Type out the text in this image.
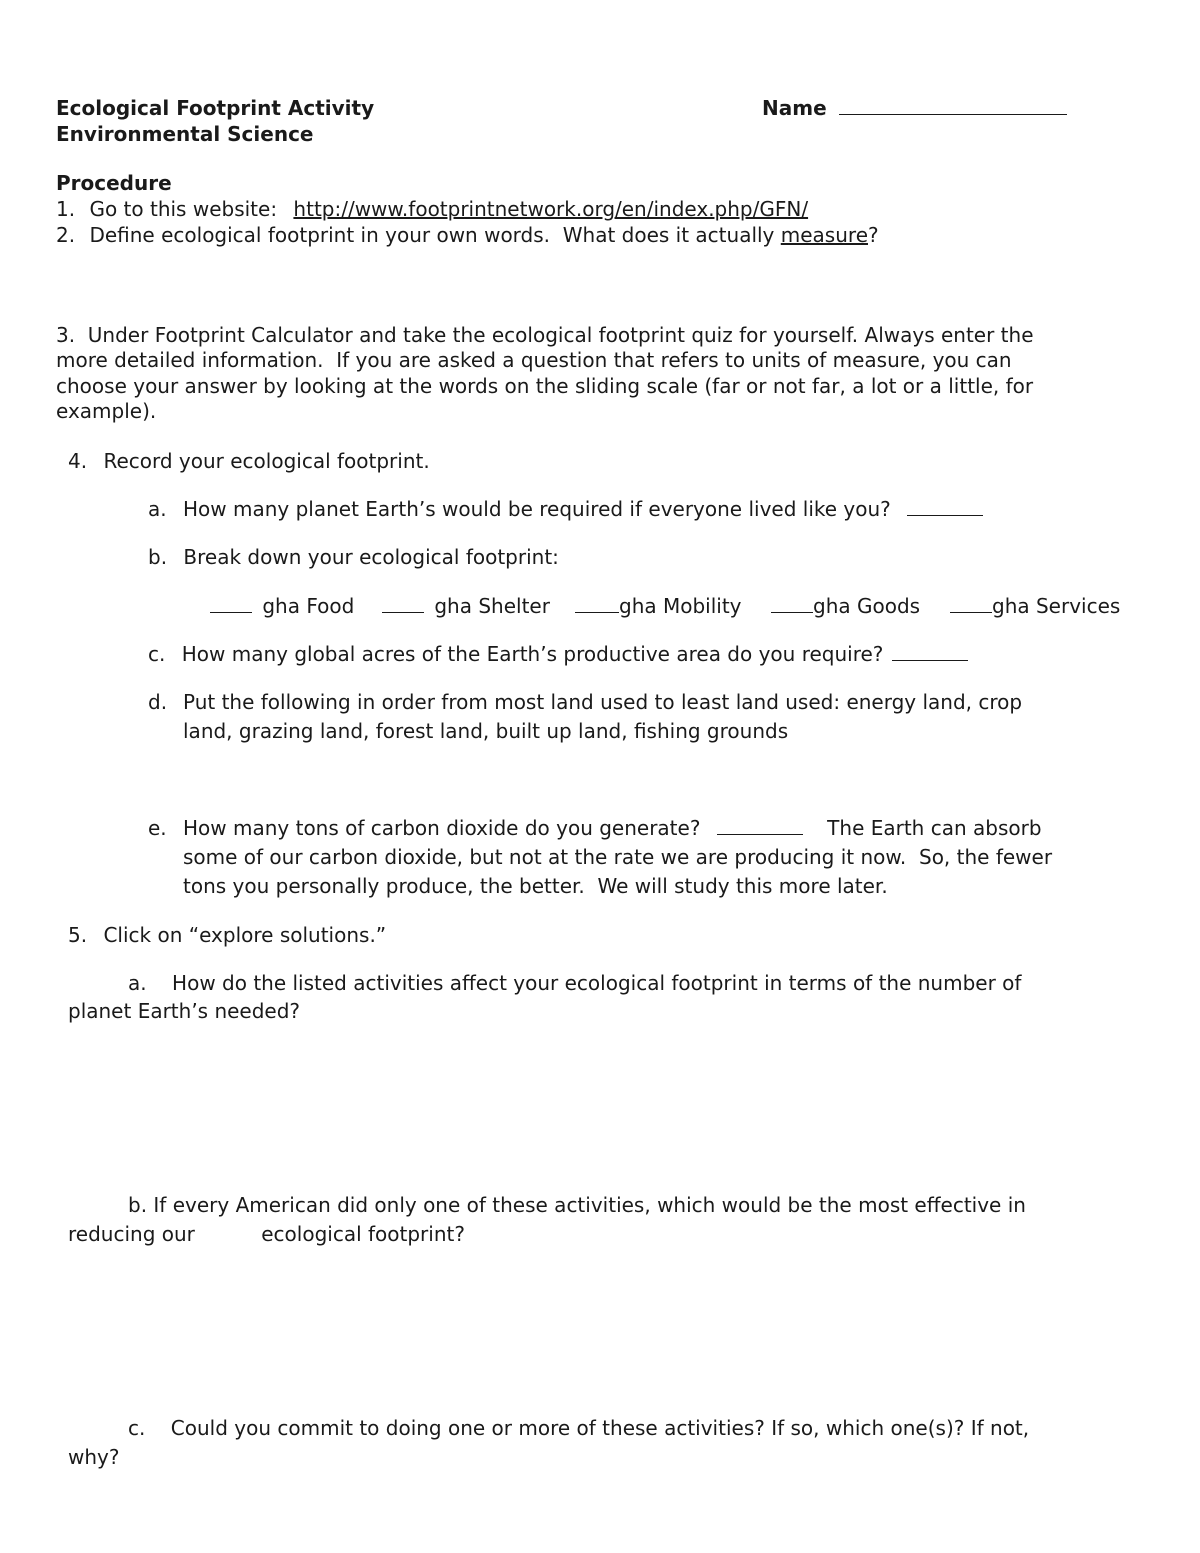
Ecological Footprint Activity
Environmental Science
Name
Procedure
1. Go to this website: http://www.footprintnetwork.org/en/index.php/GFN/
2. Define ecological footprint in your own words.  What does it actually measure?
3.  Under Footprint Calculator and take the ecological footprint quiz for yourself. Always enter the
more detailed information.  If you are asked a question that refers to units of measure, you can
choose your answer by looking at the words on the sliding scale (far or not far, a lot or a little, for
example).
4. Record your ecological footprint.
a. How many planet Earth’s would be required if everyone lived like you?
b. Break down your ecological footprint:
gha Food	gha Shelter	gha Mobility	gha Goods	gha Services
c. How many global acres of the Earth’s productive area do you require?
d. Put the following in order from most land used to least land used: energy land, crop
land, grazing land, forest land, built up land, fishing grounds
e. How many tons of carbon dioxide do you generate?	The Earth can absorb
some of our carbon dioxide, but not at the rate we are producing it now.  So, the fewer
tons you personally produce, the better.  We will study this more later.
5. Click on “explore solutions.”
a.    How do the listed activities affect your ecological footprint in terms of the number of
planet Earth’s needed?
b. If every American did only one of these activities, which would be the most effective in
reducing our	ecological footprint?
c.    Could you commit to doing one or more of these activities? If so, which one(s)? If not,
why?
